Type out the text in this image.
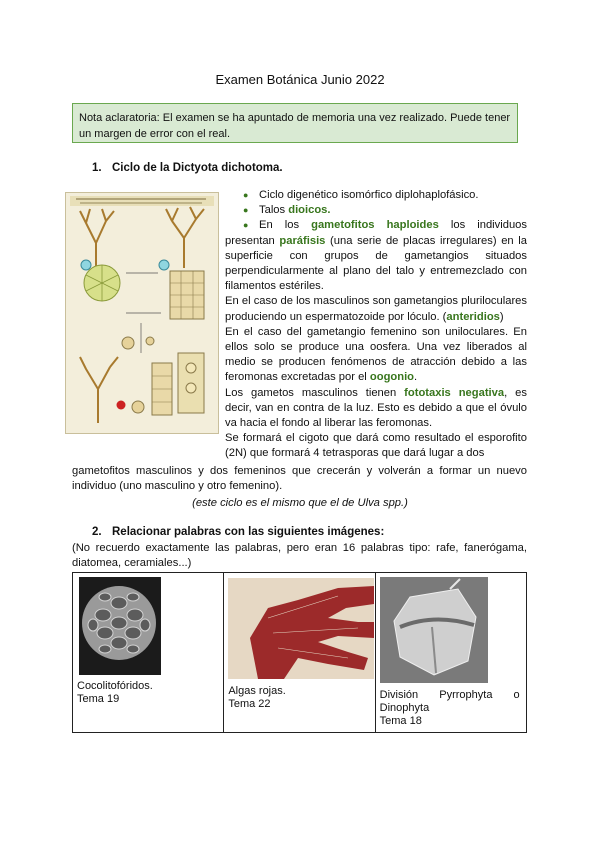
Examen Botánica Junio 2022
Nota aclaratoria: El examen se ha apuntado de memoria una vez realizado. Puede tener un margen de error con el real.
1. Ciclo de la Dictyota dichotoma.
● Ciclo digenético isomórfico diplohaplofásico.
● Talos dioicos.
● En los gametofitos haploides los individuos presentan paráfisis (una serie de placas irregulares) en la superficie con grupos de gametangios situados perpendicularmente al plano del talo y entremezclado con filamentos estériles.
En el caso de los masculinos son gametangios pluriloculares produciendo un espermatozoide por lóculo. (anteridios)
En el caso del gametangio femenino son uniloculares. En ellos solo se produce una oosfera. Una vez liberados al medio se producen fenómenos de atracción debido a las feromonas excretadas por el oogonio.
Los gametos masculinos tienen fototaxis negativa, es decir, van en contra de la luz. Esto es debido a que el óvulo va hacia el fondo al liberar las feromonas.
Se formará el cigoto que dará como resultado el esporofito (2N) que formará 4 tetrasporas que dará lugar a dos
gametofitos masculinos y dos femeninos que crecerán y volverán a formar un nuevo individuo (uno masculino y otro femenino).
(este ciclo es el mismo que el de Ulva spp.)
2. Relacionar palabras con las siguientes imágenes:
(No recuerdo exactamente las palabras, pero eran 16 palabras tipo: rafe, fanerógama, diatomea, ceramiales...)
Cocolitofóridos.
Tema 19

Algas rojas.
Tema 22

División Pyrrophyta o Dinophyta
Tema 18
